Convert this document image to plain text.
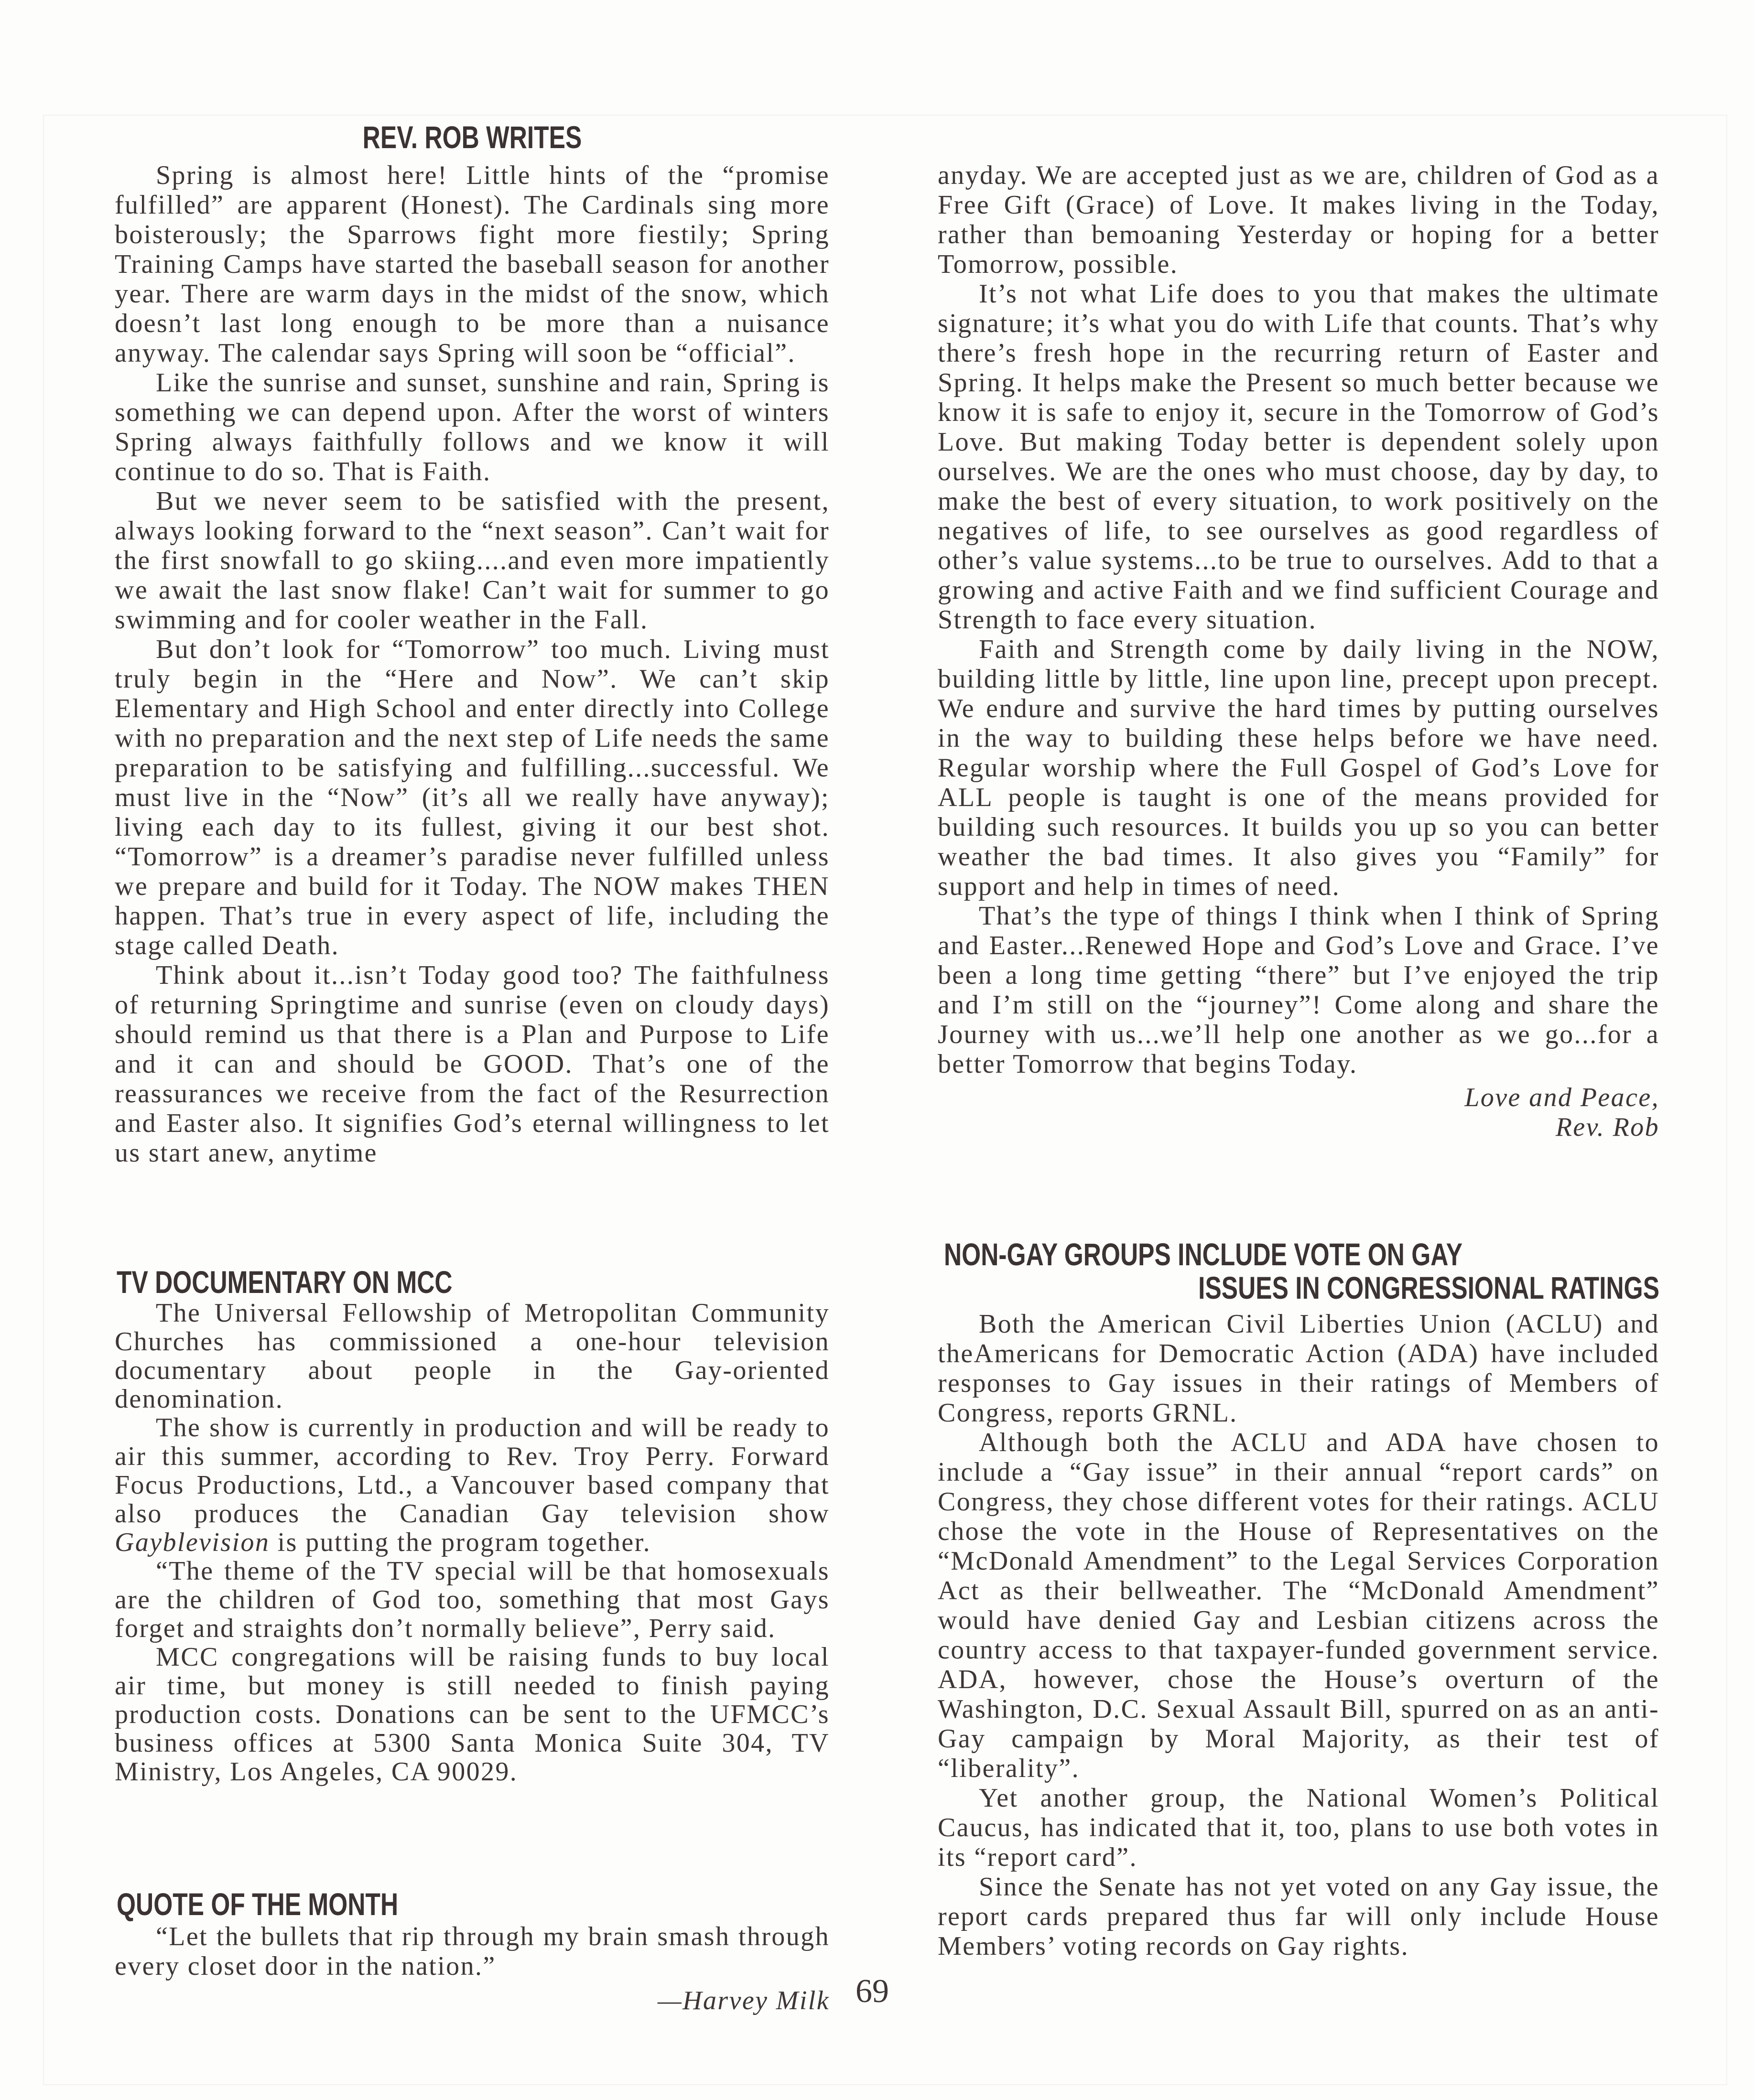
REV. ROB WRITES

Spring is almost here! Little hints of the “promise fulfilled” are apparent (Honest). The Cardinals sing more boisterously; the Sparrows fight more fiestily; Spring Training Camps have started the baseball season for another year. There are warm days in the midst of the snow, which doesn’t last long enough to be more than a nuisance anyway. The calendar says Spring will soon be “official”.

Like the sunrise and sunset, sunshine and rain, Spring is something we can depend upon. After the worst of winters Spring always faithfully follows and we know it will continue to do so. That is Faith.

But we never seem to be satisfied with the present, always looking forward to the “next season”. Can’t wait for the first snowfall to go skiing....and even more impatiently we await the last snow flake! Can’t wait for summer to go swimming and for cooler weather in the Fall.

But don’t look for “Tomorrow” too much. Living must truly begin in the “Here and Now”. We can’t skip Elementary and High School and enter directly into College with no preparation and the next step of Life needs the same preparation to be satisfying and fulfilling...successful. We must live in the “Now” (it’s all we really have anyway); living each day to its fullest, giving it our best shot. “Tomorrow” is a dreamer’s paradise never fulfilled unless we prepare and build for it Today. The NOW makes THEN happen. That’s true in every aspect of life, including the stage called Death.

Think about it...isn’t Today good too? The faithfulness of returning Springtime and sunrise (even on cloudy days) should remind us that there is a Plan and Purpose to Life and it can and should be GOOD. That’s one of the reassurances we receive from the fact of the Resurrection and Easter also. It signifies God’s eternal willingness to let us start anew, anytime

TV DOCUMENTARY ON MCC

The Universal Fellowship of Metropolitan Community Churches has commissioned a one-hour television documentary about people in the Gay-oriented denomination.

The show is currently in production and will be ready to air this summer, according to Rev. Troy Perry. Forward Focus Productions, Ltd., a Vancouver based company that also produces the Canadian Gay television show Gayblevision is putting the program together.

“The theme of the TV special will be that homosexuals are the children of God too, something that most Gays forget and straights don’t normally believe”, Perry said.

MCC congregations will be raising funds to buy local air time, but money is still needed to finish paying production costs. Donations can be sent to the UFMCC’s business offices at 5300 Santa Monica Suite 304, TV Ministry, Los Angeles, CA 90029.

QUOTE OF THE MONTH

“Let the bullets that rip through my brain smash through every closet door in the nation.”

—Harvey Milk

anyday. We are accepted just as we are, children of God as a Free Gift (Grace) of Love. It makes living in the Today, rather than bemoaning Yesterday or hoping for a better Tomorrow, possible.

It’s not what Life does to you that makes the ultimate signature; it’s what you do with Life that counts. That’s why there’s fresh hope in the recurring return of Easter and Spring. It helps make the Present so much better because we know it is safe to enjoy it, secure in the Tomorrow of God’s Love. But making Today better is dependent solely upon ourselves. We are the ones who must choose, day by day, to make the best of every situation, to work positively on the negatives of life, to see ourselves as good regardless of other’s value systems...to be true to ourselves. Add to that a growing and active Faith and we find sufficient Courage and Strength to face every situation.

Faith and Strength come by daily living in the NOW, building little by little, line upon line, precept upon precept. We endure and survive the hard times by putting ourselves in the way to building these helps before we have need. Regular worship where the Full Gospel of God’s Love for ALL people is taught is one of the means provided for building such resources. It builds you up so you can better weather the bad times. It also gives you “Family” for support and help in times of need.

That’s the type of things I think when I think of Spring and Easter...Renewed Hope and God’s Love and Grace. I’ve been a long time getting “there” but I’ve enjoyed the trip and I’m still on the “journey”! Come along and share the Journey with us...we’ll help one another as we go...for a better Tomorrow that begins Today.

Love and Peace,
Rev. Rob
NON-GAY GROUPS INCLUDE VOTE ON GAY
ISSUES IN CONGRESSIONAL RATINGS

Both the American Civil Liberties Union (ACLU) and theAmericans for Democratic Action (ADA) have included responses to Gay issues in their ratings of Members of Congress, reports GRNL.

Although both the ACLU and ADA have chosen to include a “Gay issue” in their annual “report cards” on Congress, they chose different votes for their ratings. ACLU chose the vote in the House of Representatives on the “McDonald Amendment” to the Legal Services Corporation Act as their bellweather. The “McDonald Amendment” would have denied Gay and Lesbian citizens across the country access to that taxpayer-funded government service. ADA, however, chose the House’s overturn of the Washington, D.C. Sexual Assault Bill, spurred on as an anti-Gay campaign by Moral Majority, as their test of “liberality”.

Yet another group, the National Women’s Political Caucus, has indicated that it, too, plans to use both votes in its “report card”.

Since the Senate has not yet voted on any Gay issue, the report cards prepared thus far will only include House Members’ voting records on Gay rights.

69
